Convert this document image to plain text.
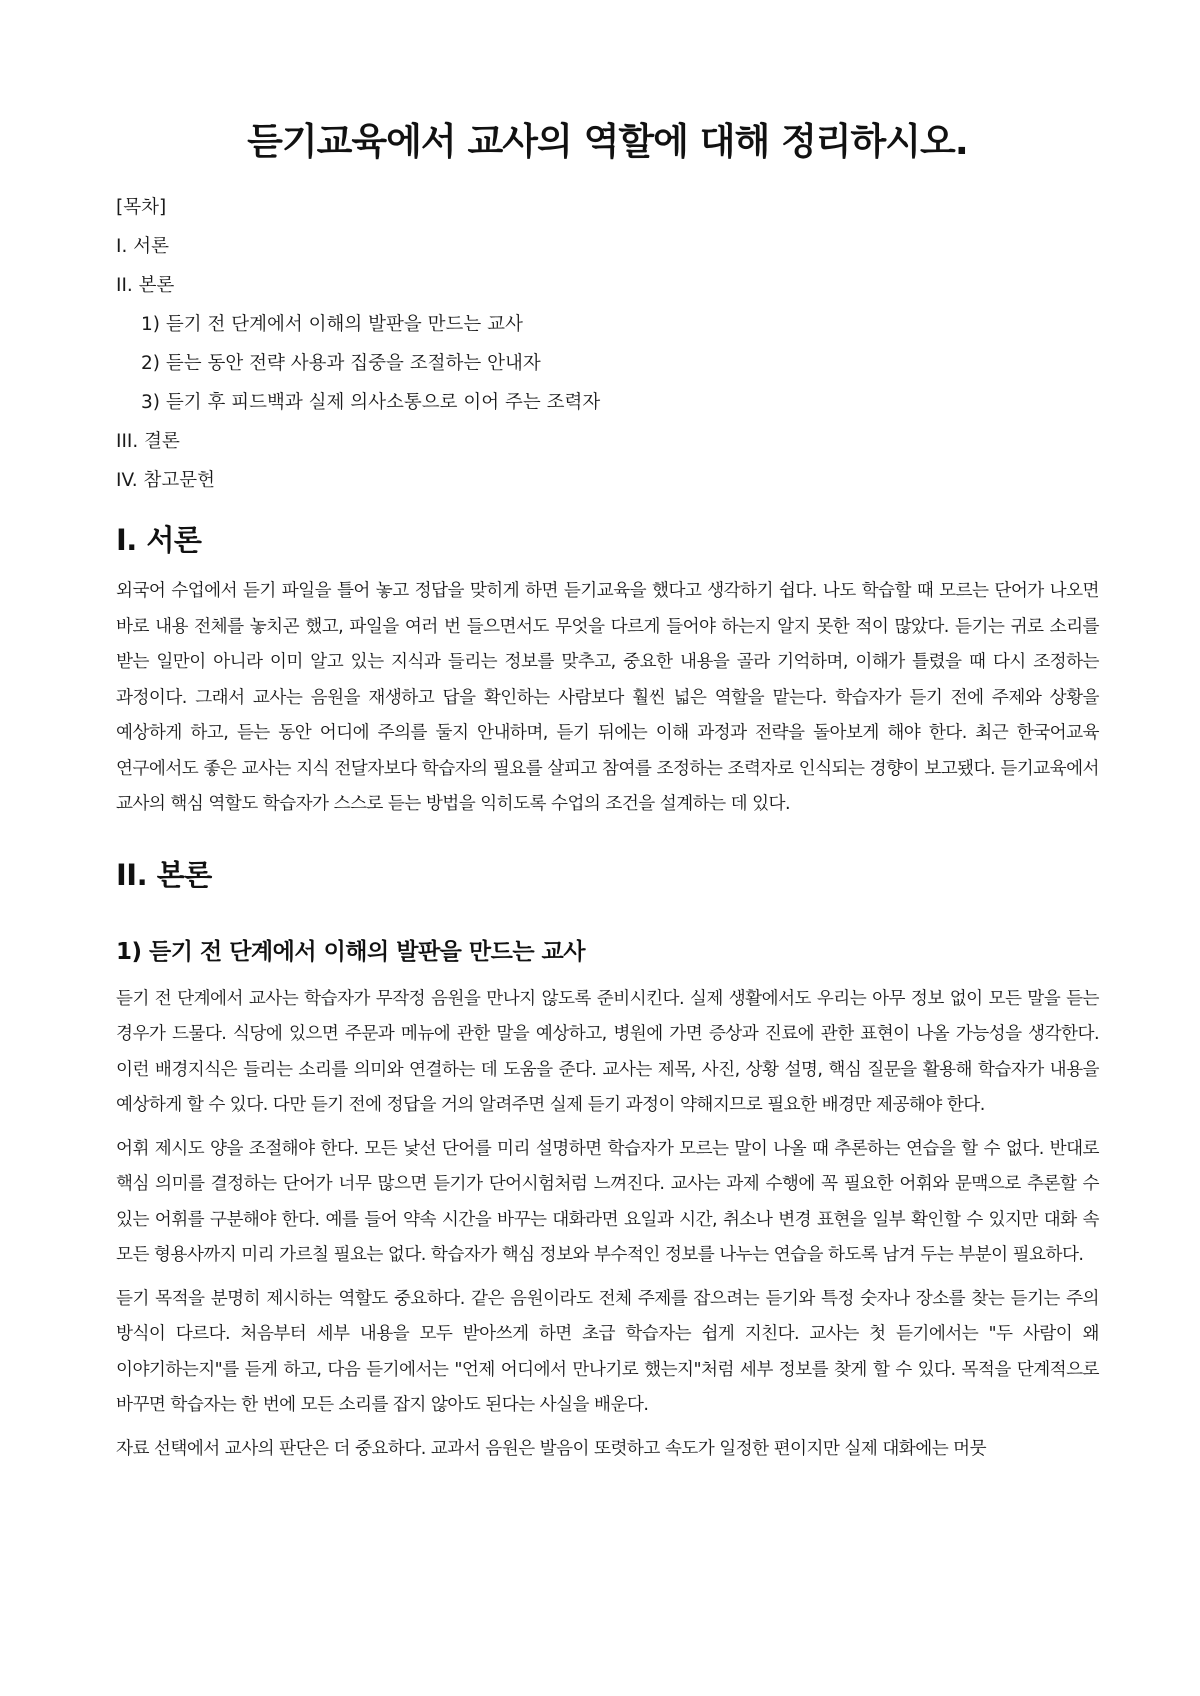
듣기교육에서 교사의 역할에 대해 정리하시오.
[목차]
I. 서론
II. 본론
1) 듣기 전 단계에서 이해의 발판을 만드는 교사
2) 듣는 동안 전략 사용과 집중을 조절하는 안내자
3) 듣기 후 피드백과 실제 의사소통으로 이어 주는 조력자
III. 결론
IV. 참고문헌
I. 서론

외국어 수업에서 듣기 파일을 틀어 놓고 정답을 맞히게 하면 듣기교육을 했다고 생각하기 쉽다. 나도 학습할 때 모르는 단어가 나오면 바로 내용 전체를 놓치곤 했고, 파일을 여러 번 들으면서도 무엇을 다르게 들어야 하는지 알지 못한 적이 많았다. 듣기는 귀로 소리를 받는 일만이 아니라 이미 알고 있는 지식과 들리는 정보를 맞추고, 중요한 내용을 골라 기억하며, 이해가 틀렸을 때 다시 조정하는 과정이다. 그래서 교사는 음원을 재생하고 답을 확인하는 사람보다 훨씬 넓은 역할을 맡는다. 학습자가 듣기 전에 주제와 상황을 예상하게 하고, 듣는 동안 어디에 주의를 둘지 안내하며, 듣기 뒤에는 이해 과정과 전략을 돌아보게 해야 한다. 최근 한국어교육 연구에서도 좋은 교사는 지식 전달자보다 학습자의 필요를 살피고 참여를 조정하는 조력자로 인식되는 경향이 보고됐다. 듣기교육에서 교사의 핵심 역할도 학습자가 스스로 듣는 방법을 익히도록 수업의 조건을 설계하는 데 있다.

II. 본론
1) 듣기 전 단계에서 이해의 발판을 만드는 교사

듣기 전 단계에서 교사는 학습자가 무작정 음원을 만나지 않도록 준비시킨다. 실제 생활에서도 우리는 아무 정보 없이 모든 말을 듣는 경우가 드물다. 식당에 있으면 주문과 메뉴에 관한 말을 예상하고, 병원에 가면 증상과 진료에 관한 표현이 나올 가능성을 생각한다. 이런 배경지식은 들리는 소리를 의미와 연결하는 데 도움을 준다. 교사는 제목, 사진, 상황 설명, 핵심 질문을 활용해 학습자가 내용을 예상하게 할 수 있다. 다만 듣기 전에 정답을 거의 알려주면 실제 듣기 과정이 약해지므로 필요한 배경만 제공해야 한다.

어휘 제시도 양을 조절해야 한다. 모든 낯선 단어를 미리 설명하면 학습자가 모르는 말이 나올 때 추론하는 연습을 할 수 없다. 반대로 핵심 의미를 결정하는 단어가 너무 많으면 듣기가 단어시험처럼 느껴진다. 교사는 과제 수행에 꼭 필요한 어휘와 문맥으로 추론할 수 있는 어휘를 구분해야 한다. 예를 들어 약속 시간을 바꾸는 대화라면 요일과 시간, 취소나 변경 표현을 일부 확인할 수 있지만 대화 속 모든 형용사까지 미리 가르칠 필요는 없다. 학습자가 핵심 정보와 부수적인 정보를 나누는 연습을 하도록 남겨 두는 부분이 필요하다.

듣기 목적을 분명히 제시하는 역할도 중요하다. 같은 음원이라도 전체 주제를 잡으려는 듣기와 특정 숫자나 장소를 찾는 듣기는 주의 방식이 다르다. 처음부터 세부 내용을 모두 받아쓰게 하면 초급 학습자는 쉽게 지친다. 교사는 첫 듣기에서는 "두 사람이 왜 이야기하는지"를 듣게 하고, 다음 듣기에서는 "언제 어디에서 만나기로 했는지"처럼 세부 정보를 찾게 할 수 있다. 목적을 단계적으로 바꾸면 학습자는 한 번에 모든 소리를 잡지 않아도 된다는 사실을 배운다.

자료 선택에서 교사의 판단은 더 중요하다. 교과서 음원은 발음이 또렷하고 속도가 일정한 편이지만 실제 대화에는 머뭇
